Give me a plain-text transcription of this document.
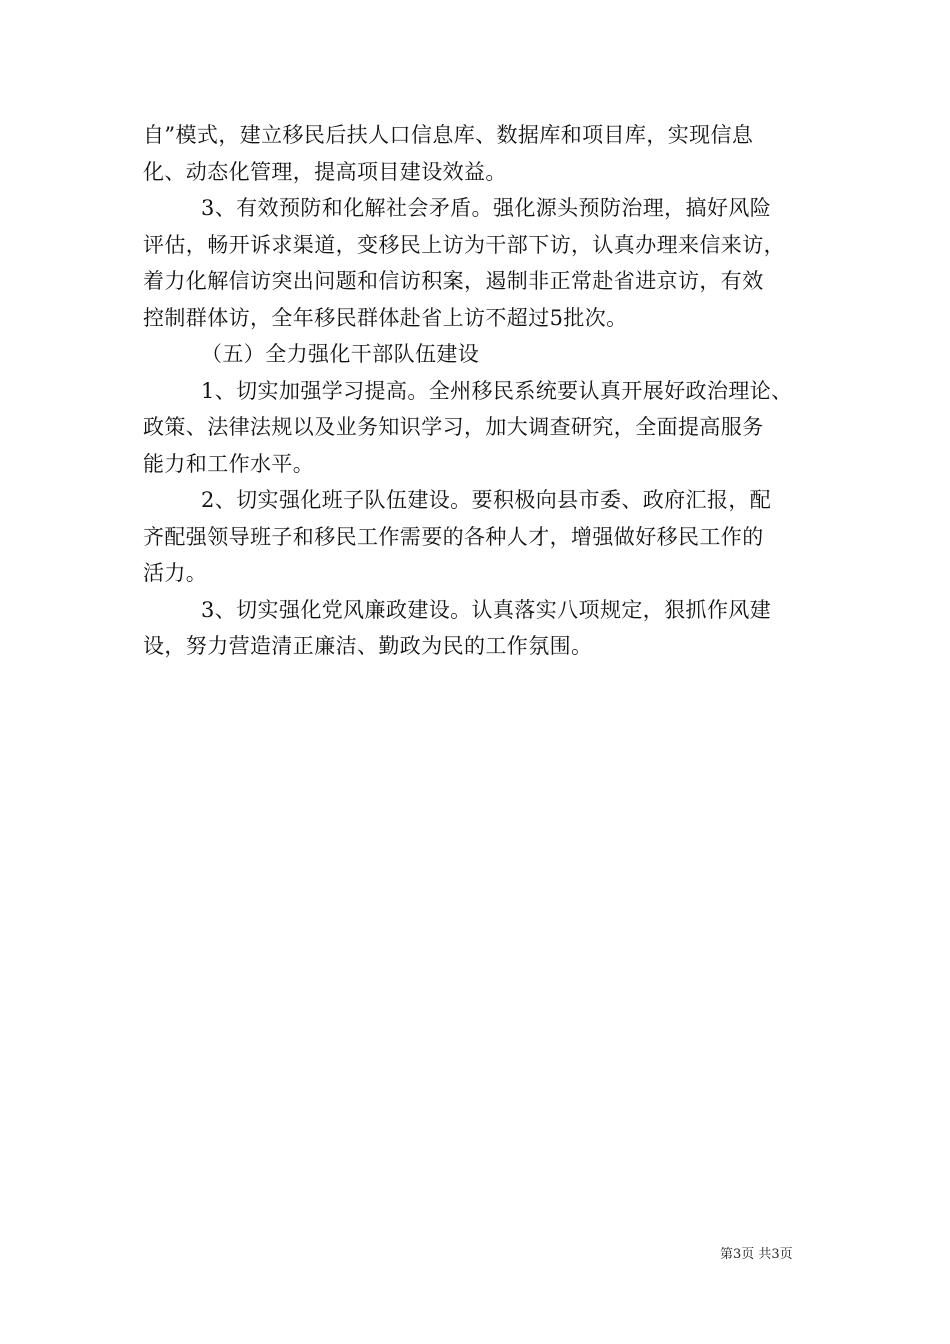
自”模式，建立移民后扶人口信息库、数据库和项目库，实现信息
化、动态化管理，提高项目建设效益。
3、有效预防和化解社会矛盾。强化源头预防治理，搞好风险
评估，畅开诉求渠道，变移民上访为干部下访，认真办理来信来访，
着力化解信访突出问题和信访积案，遏制非正常赴省进京访，有效
控制群体访，全年移民群体赴省上访不超过5批次。
（五）全力强化干部队伍建设
1、切实加强学习提高。全州移民系统要认真开展好政治理论、
政策、法律法规以及业务知识学习，加大调查研究，全面提高服务
能力和工作水平。
2、切实强化班子队伍建设。要积极向县市委、政府汇报，配
齐配强领导班子和移民工作需要的各种人才，增强做好移民工作的
活力。
3、切实强化党风廉政建设。认真落实八项规定，狠抓作风建
设，努力营造清正廉洁、勤政为民的工作氛围。
第3页 共3页
